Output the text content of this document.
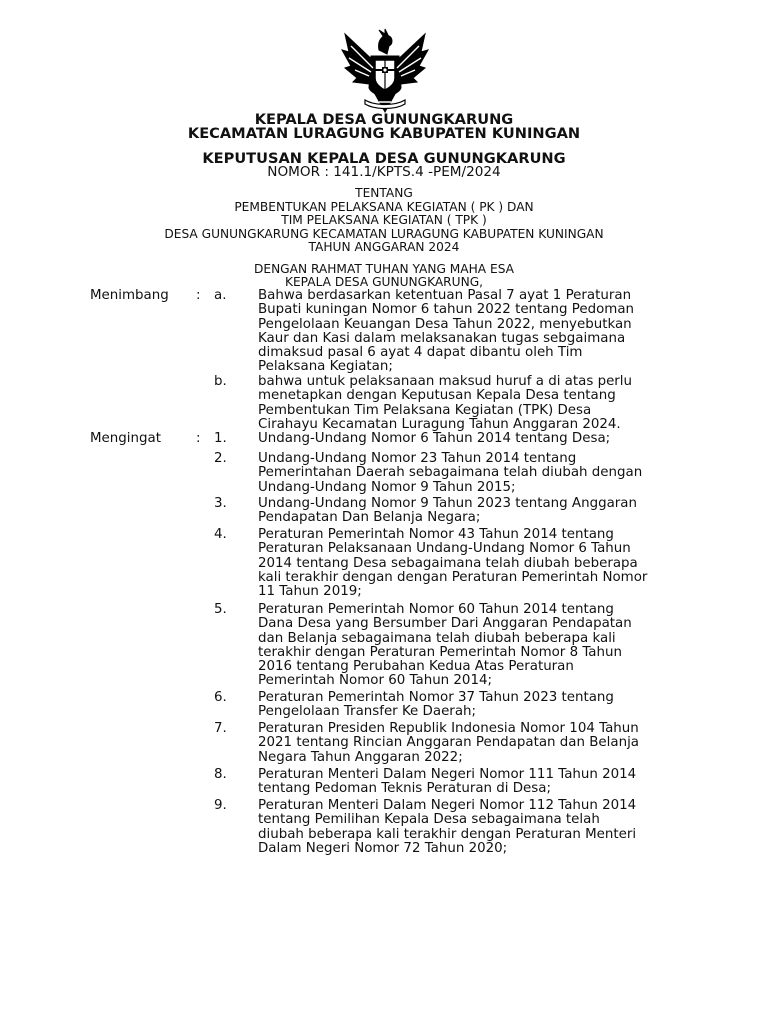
KEPALA DESA GUNUNGKARUNG
KECAMATAN LURAGUNG KABUPATEN KUNINGAN
KEPUTUSAN KEPALA DESA GUNUNGKARUNG
NOMOR : 141.1/KPTS.4 -PEM/2024
TENTANG
PEMBENTUKAN PELAKSANA KEGIATAN ( PK ) DAN
TIM PELAKSANA KEGIATAN ( TPK )
DESA GUNUNGKARUNG KECAMATAN LURAGUNG KABUPATEN KUNINGAN
TAHUN ANGGARAN 2024
DENGAN RAHMAT TUHAN YANG MAHA ESA
KEPALA DESA GUNUNGKARUNG,
Menimbang : a. Bahwa berdasarkan ketentuan Pasal 7 ayat 1 Peraturan
Bupati kuningan Nomor 6 tahun 2022 tentang Pedoman
Pengelolaan Keuangan Desa Tahun 2022, menyebutkan
Kaur dan Kasi dalam melaksanakan tugas sebgaimana
dimaksud pasal 6 ayat 4 dapat dibantu oleh Tim
Pelaksana Kegiatan;
b. bahwa untuk pelaksanaan maksud huruf a di atas perlu
menetapkan dengan Keputusan Kepala Desa tentang
Pembentukan Tim Pelaksana Kegiatan (TPK) Desa
Cirahayu Kecamatan Luragung Tahun Anggaran 2024.
Mengingat	: 1. Undang-Undang Nomor 6 Tahun 2014 tentang Desa;
2. Undang-Undang Nomor 23 Tahun 2014 tentang
Pemerintahan Daerah sebagaimana telah diubah dengan
Undang-Undang Nomor 9 Tahun 2015;
3. Undang-Undang Nomor 9 Tahun 2023 tentang Anggaran
Pendapatan Dan Belanja Negara;
4. Peraturan Pemerintah Nomor 43 Tahun 2014 tentang
Peraturan Pelaksanaan Undang-Undang Nomor 6 Tahun
2014 tentang Desa sebagaimana telah diubah beberapa
kali terakhir dengan dengan Peraturan Pemerintah Nomor
11 Tahun 2019;
5. Peraturan Pemerintah Nomor 60 Tahun 2014 tentang
Dana Desa yang Bersumber Dari Anggaran Pendapatan
dan Belanja sebagaimana telah diubah beberapa kali
terakhir dengan Peraturan Pemerintah Nomor 8 Tahun
2016 tentang Perubahan Kedua Atas Peraturan
Pemerintah Nomor 60 Tahun 2014;
6. Peraturan Pemerintah Nomor 37 Tahun 2023 tentang
Pengelolaan Transfer Ke Daerah;
7. Peraturan Presiden Republik Indonesia Nomor 104 Tahun
2021 tentang Rincian Anggaran Pendapatan dan Belanja
Negara Tahun Anggaran 2022;
8. Peraturan Menteri Dalam Negeri Nomor 111 Tahun 2014
tentang Pedoman Teknis Peraturan di Desa;
9. Peraturan Menteri Dalam Negeri Nomor 112 Tahun 2014
tentang Pemilihan Kepala Desa sebagaimana telah
diubah beberapa kali terakhir dengan Peraturan Menteri
Dalam Negeri Nomor 72 Tahun 2020;
